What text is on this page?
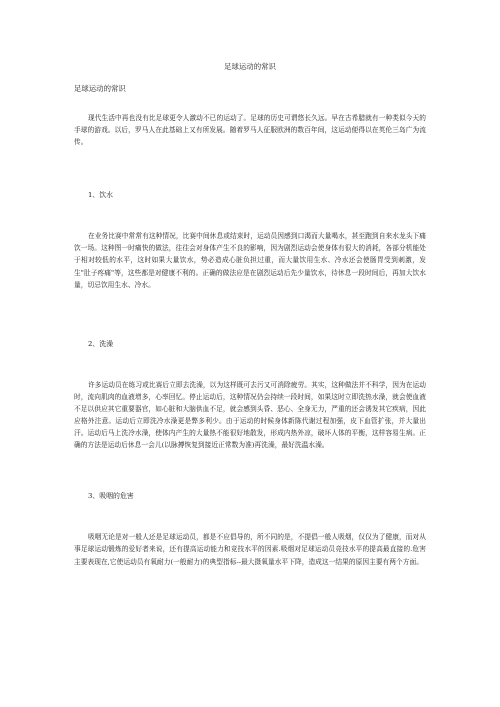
足球运动的常识
足球运动的常识

现代生活中再也没有比足球更令人激动不已的运动了。足球的历史可谓悠长久远。早在古希腊就有一种类似今天的手球的游戏。以后，罗马人在此基础上又有所发展。随着罗马人征服欧洲的数百年间，这运动便得以在英伦三岛广为流传。

1、饮水

在业务比赛中常常有这种情况，比赛中间休息或结束时，运动员因感到口渴而大量喝水，甚至跑到自来水龙头下痛饮一场。这种图一时痛快的做法，往往会对身体产生不良的影响，因为剧烈运动会使身体有很大的消耗，各部分机能处于相对较低的水平，这时如果大量饮水，势必造成心脏负担过重，而大量饮用生水、冷水还会使肠胃受到刺激，发生"肚子疼痛"等，这些都是对健康不利的。正确的做法应是在剧烈运动后先少量饮水，待休息一段时间后，再加大饮水量，切忌饮用生水、冷水。

2、洗澡

许多运动员在练习或比赛后立即去洗澡，以为这样既可去污又可消除疲劳。其实，这种做法并不科学，因为在运动时，流向肌肉的血液增多，心率回忆。停止运动后，这种情况仍会持续一段时间，如果这时立即洗热水澡，就会使血液不足以供应其它重要器官，如心脏和大脑供血不足，就会感到头昏、恶心、全身无力，严重的还会诱发其它疾病，因此应格外注意。运动后立即洗冷水澡更是弊多利少。由于运动的时候身体新陈代谢过程加强，皮下血管扩张，并大量出汗。运动后马上洗冷水澡，使体内产生的大量热不能很好地散发，形成内热外凉，破坏人体的平衡，这样容易生病。正确的方法是运动后休息一会儿(以脉搏恢复到接近正常数为准)再洗澡，最好洗温水澡。

3、吸咽的危害

吸咽无论是对一般人还是足球运动员，都是不应倡导的，所不同的是，不提倡一般人吸烟，仅仅为了健康，而对从事足球运动锻炼的爱好者来说，还有提高运动能力和竞技水平的因素.吸烟对足球运动员竞技水平的提高最直接的.危害主要表现在,它使运动员有氧耐力(一般耐力)的典型指标--最大摄氧量水平下降，造成这一结果的原因主要有两个方面。
